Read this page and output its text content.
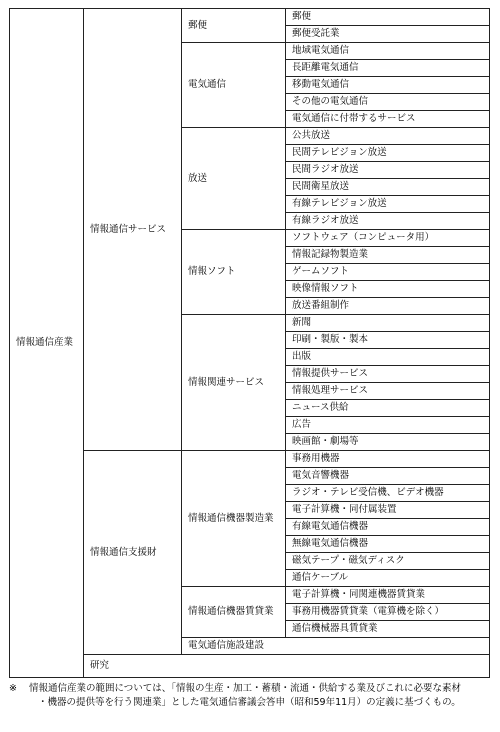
情報通信産業	情報通信サービス	郵便	郵便
			郵便受託業
		電気通信	地域電気通信
			長距離電気通信
			移動電気通信
			その他の電気通信
			電気通信に付帯するサービス
		放送	公共放送
			民間テレビジョン放送
			民間ラジオ放送
			民間衛星放送
			有線テレビジョン放送
			有線ラジオ放送
		情報ソフト	ソフトウェア（コンピュータ用）
			情報記録物製造業
			ゲームソフト
			映像情報ソフト
			放送番組制作
		情報関連サービス	新聞
			印刷・製版・製本
			出版
			情報提供サービス
			情報処理サービス
			ニュース供給
			広告
			映画館・劇場等
	情報通信支援財	情報通信機器製造業	事務用機器
			電気音響機器
			ラジオ・テレビ受信機、ビデオ機器
			電子計算機・同付属装置
			有線電気通信機器
			無線電気通信機器
			磁気テープ・磁気ディスク
			通信ケーブル
		情報通信機器賃貸業	電子計算機・同関連機器賃貸業
			事務用機器賃貸業（電算機を除く）
			通信機械器具賃貸業
		電気通信施設建設	
	研究		
※ 情報通信産業の範囲については、「情報の生産・加工・蓄積・流通・供給する業及びこれに必要な素材
・機器の提供等を行う関連業」とした電気通信審議会答申（昭和59年11月）の定義に基づくもの。
